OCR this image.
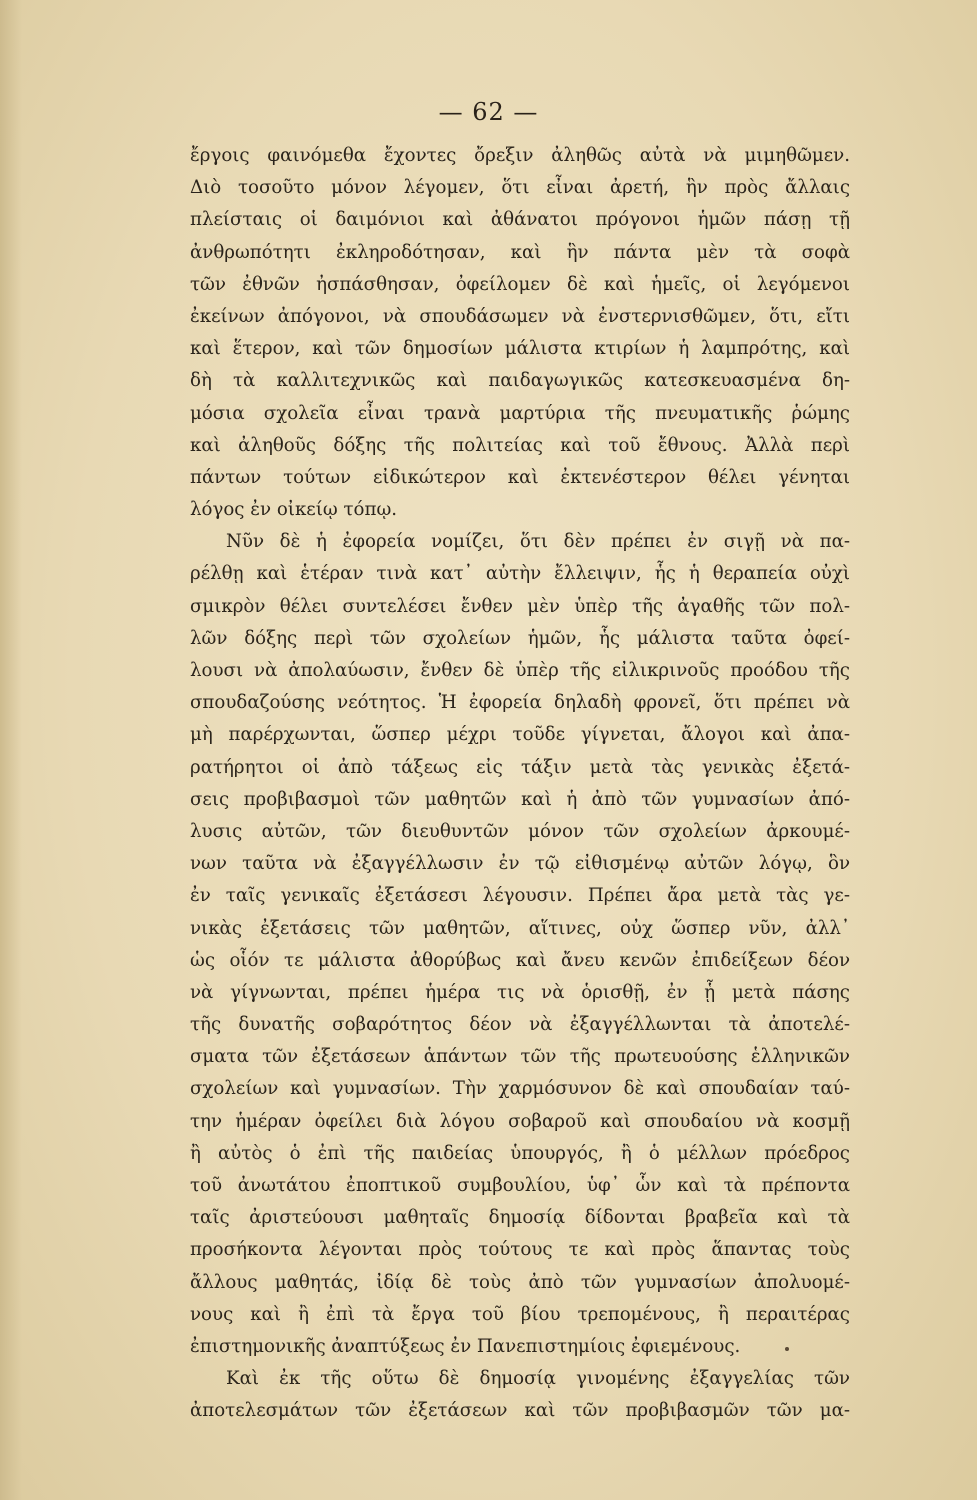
— 62 —
ἔργοις φαινόμεθα ἔχοντες ὄρεξιν ἀληθῶς αὐτὰ νὰ μιμηθῶμεν.
Διὸ τοσοῦτο μόνον λέγομεν, ὅτι εἶναι ἀρετή, ἣν πρὸς ἄλλαις
πλείσταις οἱ δαιμόνιοι καὶ ἀθάνατοι πρόγονοι ἡμῶν πάσῃ τῇ
ἀνθρωπότητι ἐκληροδότησαν, καὶ ἣν πάντα μὲν τὰ σοφὰ
τῶν ἐθνῶν ἠσπάσθησαν, ὀφείλομεν δὲ καὶ ἡμεῖς, οἱ λεγόμενοι
ἐκείνων ἀπόγονοι, νὰ σπουδάσωμεν νὰ ἐνστερνισθῶμεν, ὅτι, εἴτι
καὶ ἕτερον, καὶ τῶν δημοσίων μάλιστα κτιρίων ἡ λαμπρότης, καὶ
δὴ τὰ καλλιτεχνικῶς καὶ παιδαγωγικῶς κατεσκευασμένα δη-
μόσια σχολεῖα εἶναι τρανὰ μαρτύρια τῆς πνευματικῆς ῥώμης
καὶ ἀληθοῦς δόξης τῆς πολιτείας καὶ τοῦ ἔθνους. Ἀλλὰ περὶ
πάντων τούτων εἰδικώτερον καὶ ἐκτενέστερον θέλει γένηται
λόγος ἐν οἰκείῳ τόπῳ.
Νῦν δὲ ἡ ἐφορεία νομίζει, ὅτι δὲν πρέπει ἐν σιγῇ νὰ πα-
ρέλθῃ καὶ ἑτέραν τινὰ κατ᾽ αὐτὴν ἔλλειψιν, ἧς ἡ θεραπεία οὐχὶ
σμικρὸν θέλει συντελέσει ἔνθεν μὲν ὑπὲρ τῆς ἀγαθῆς τῶν πολ-
λῶν δόξης περὶ τῶν σχολείων ἡμῶν, ἧς μάλιστα ταῦτα ὀφεί-
λουσι νὰ ἀπολαύωσιν, ἔνθεν δὲ ὑπὲρ τῆς εἰλικρινοῦς προόδου τῆς
σπουδαζούσης νεότητος. Ἡ ἐφορεία δηλαδὴ φρονεῖ, ὅτι πρέπει νὰ
μὴ παρέρχωνται, ὥσπερ μέχρι τοῦδε γίγνεται, ἄλογοι καὶ ἀπα-
ρατήρητοι οἱ ἀπὸ τάξεως εἰς τάξιν μετὰ τὰς γενικὰς ἐξετά-
σεις προβιβασμοὶ τῶν μαθητῶν καὶ ἡ ἀπὸ τῶν γυμνασίων ἀπό-
λυσις αὐτῶν, τῶν διευθυντῶν μόνον τῶν σχολείων ἀρκουμέ-
νων ταῦτα νὰ ἐξαγγέλλωσιν ἐν τῷ εἰθισμένῳ αὐτῶν λόγῳ, ὃν
ἐν ταῖς γενικαῖς ἐξετάσεσι λέγουσιν. Πρέπει ἄρα μετὰ τὰς γε-
νικὰς ἐξετάσεις τῶν μαθητῶν, αἵτινες, οὐχ ὥσπερ νῦν, ἀλλ᾽
ὡς οἷόν τε μάλιστα ἀθορύβως καὶ ἄνευ κενῶν ἐπιδείξεων δέον
νὰ γίγνωνται, πρέπει ἡμέρα τις νὰ ὁρισθῇ, ἐν ᾗ μετὰ πάσης
τῆς δυνατῆς σοβαρότητος δέον νὰ ἐξαγγέλλωνται τὰ ἀποτελέ-
σματα τῶν ἐξετάσεων ἁπάντων τῶν τῆς πρωτευούσης ἑλληνικῶν
σχολείων καὶ γυμνασίων. Τὴν χαρμόσυνον δὲ καὶ σπουδαίαν ταύ-
την ἡμέραν ὀφείλει διὰ λόγου σοβαροῦ καὶ σπουδαίου νὰ κοσμῇ
ἢ αὐτὸς ὁ ἐπὶ τῆς παιδείας ὑπουργός, ἢ ὁ μέλλων πρόεδρος
τοῦ ἀνωτάτου ἐποπτικοῦ συμβουλίου, ὑφ᾽ ὧν καὶ τὰ πρέποντα
ταῖς ἀριστεύουσι μαθηταῖς δημοσίᾳ δίδονται βραβεῖα καὶ τὰ
προσήκοντα λέγονται πρὸς τούτους τε καὶ πρὸς ἅπαντας τοὺς
ἄλλους μαθητάς, ἰδίᾳ δὲ τοὺς ἀπὸ τῶν γυμνασίων ἀπολυομέ-
νους καὶ ἢ ἐπὶ τὰ ἔργα τοῦ βίου τρεπομένους, ἢ περαιτέρας
ἐπιστημονικῆς ἀναπτύξεως ἐν Πανεπιστημίοις ἐφιεμένους.
Καὶ ἐκ τῆς οὕτω δὲ δημοσίᾳ γινομένης ἐξαγγελίας τῶν
ἀποτελεσμάτων τῶν ἐξετάσεων καὶ τῶν προβιβασμῶν τῶν μα-
